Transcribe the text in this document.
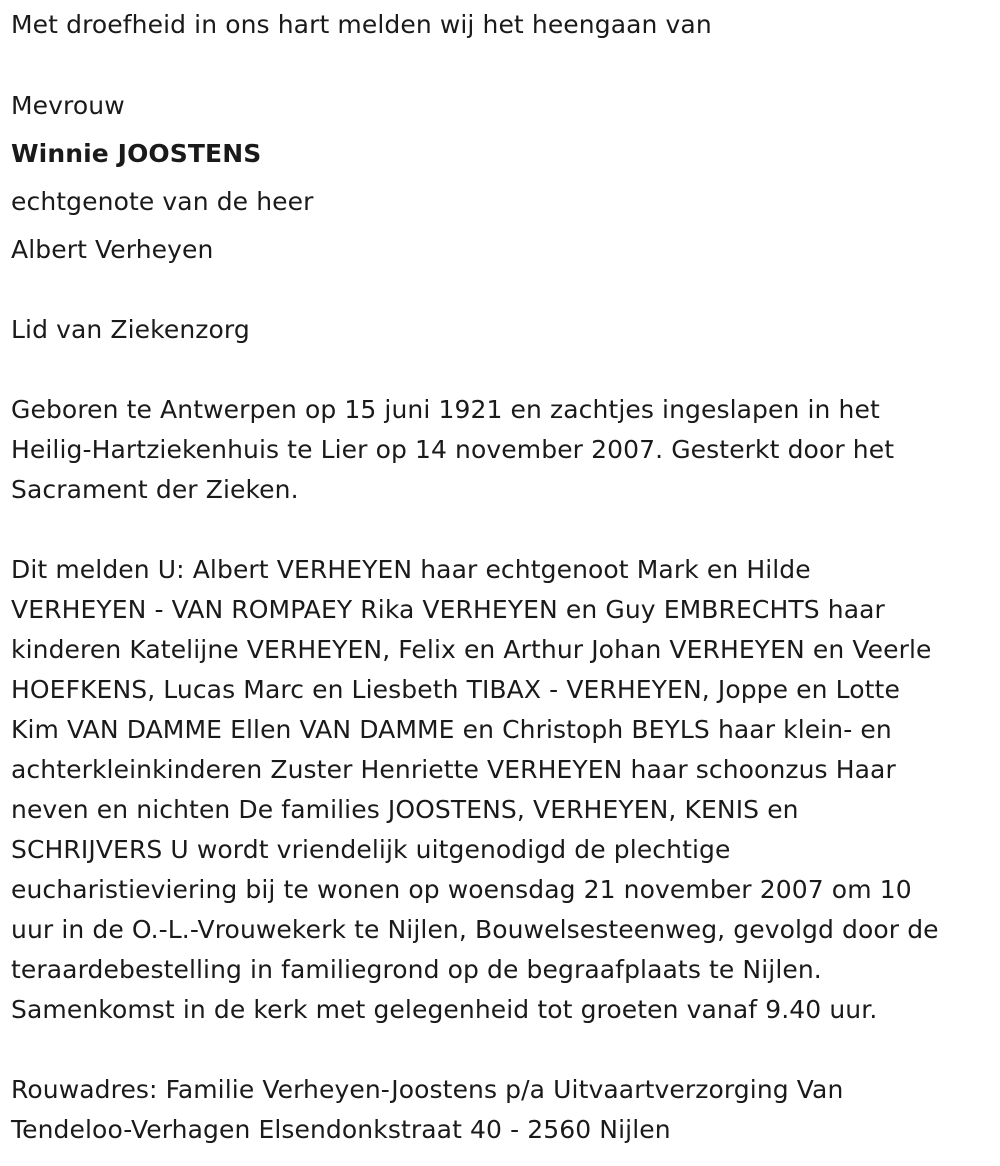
Met droefheid in ons hart melden wij het heengaan van
Mevrouw
Winnie JOOSTENS
echtgenote van de heer
Albert Verheyen
Lid van Ziekenzorg
Geboren te Antwerpen op 15 juni 1921 en zachtjes ingeslapen in het
Heilig-Hartziekenhuis te Lier op 14 november 2007. Gesterkt door het
Sacrament der Zieken.
Dit melden U: Albert VERHEYEN haar echtgenoot Mark en Hilde
VERHEYEN - VAN ROMPAEY Rika VERHEYEN en Guy EMBRECHTS haar
kinderen Katelijne VERHEYEN, Felix en Arthur Johan VERHEYEN en Veerle
HOEFKENS, Lucas Marc en Liesbeth TIBAX - VERHEYEN, Joppe en Lotte
Kim VAN DAMME Ellen VAN DAMME en Christoph BEYLS haar klein- en
achterkleinkinderen Zuster Henriette VERHEYEN haar schoonzus Haar
neven en nichten De families JOOSTENS, VERHEYEN, KENIS en
SCHRIJVERS U wordt vriendelijk uitgenodigd de plechtige
eucharistieviering bij te wonen op woensdag 21 november 2007 om 10
uur in de O.-L.-Vrouwekerk te Nijlen, Bouwelsesteenweg, gevolgd door de
teraardebestelling in familiegrond op de begraafplaats te Nijlen.
Samenkomst in de kerk met gelegenheid tot groeten vanaf 9.40 uur.
Rouwadres: Familie Verheyen-Joostens p/a Uitvaartverzorging Van
Tendeloo-Verhagen Elsendonkstraat 40 - 2560 Nijlen
